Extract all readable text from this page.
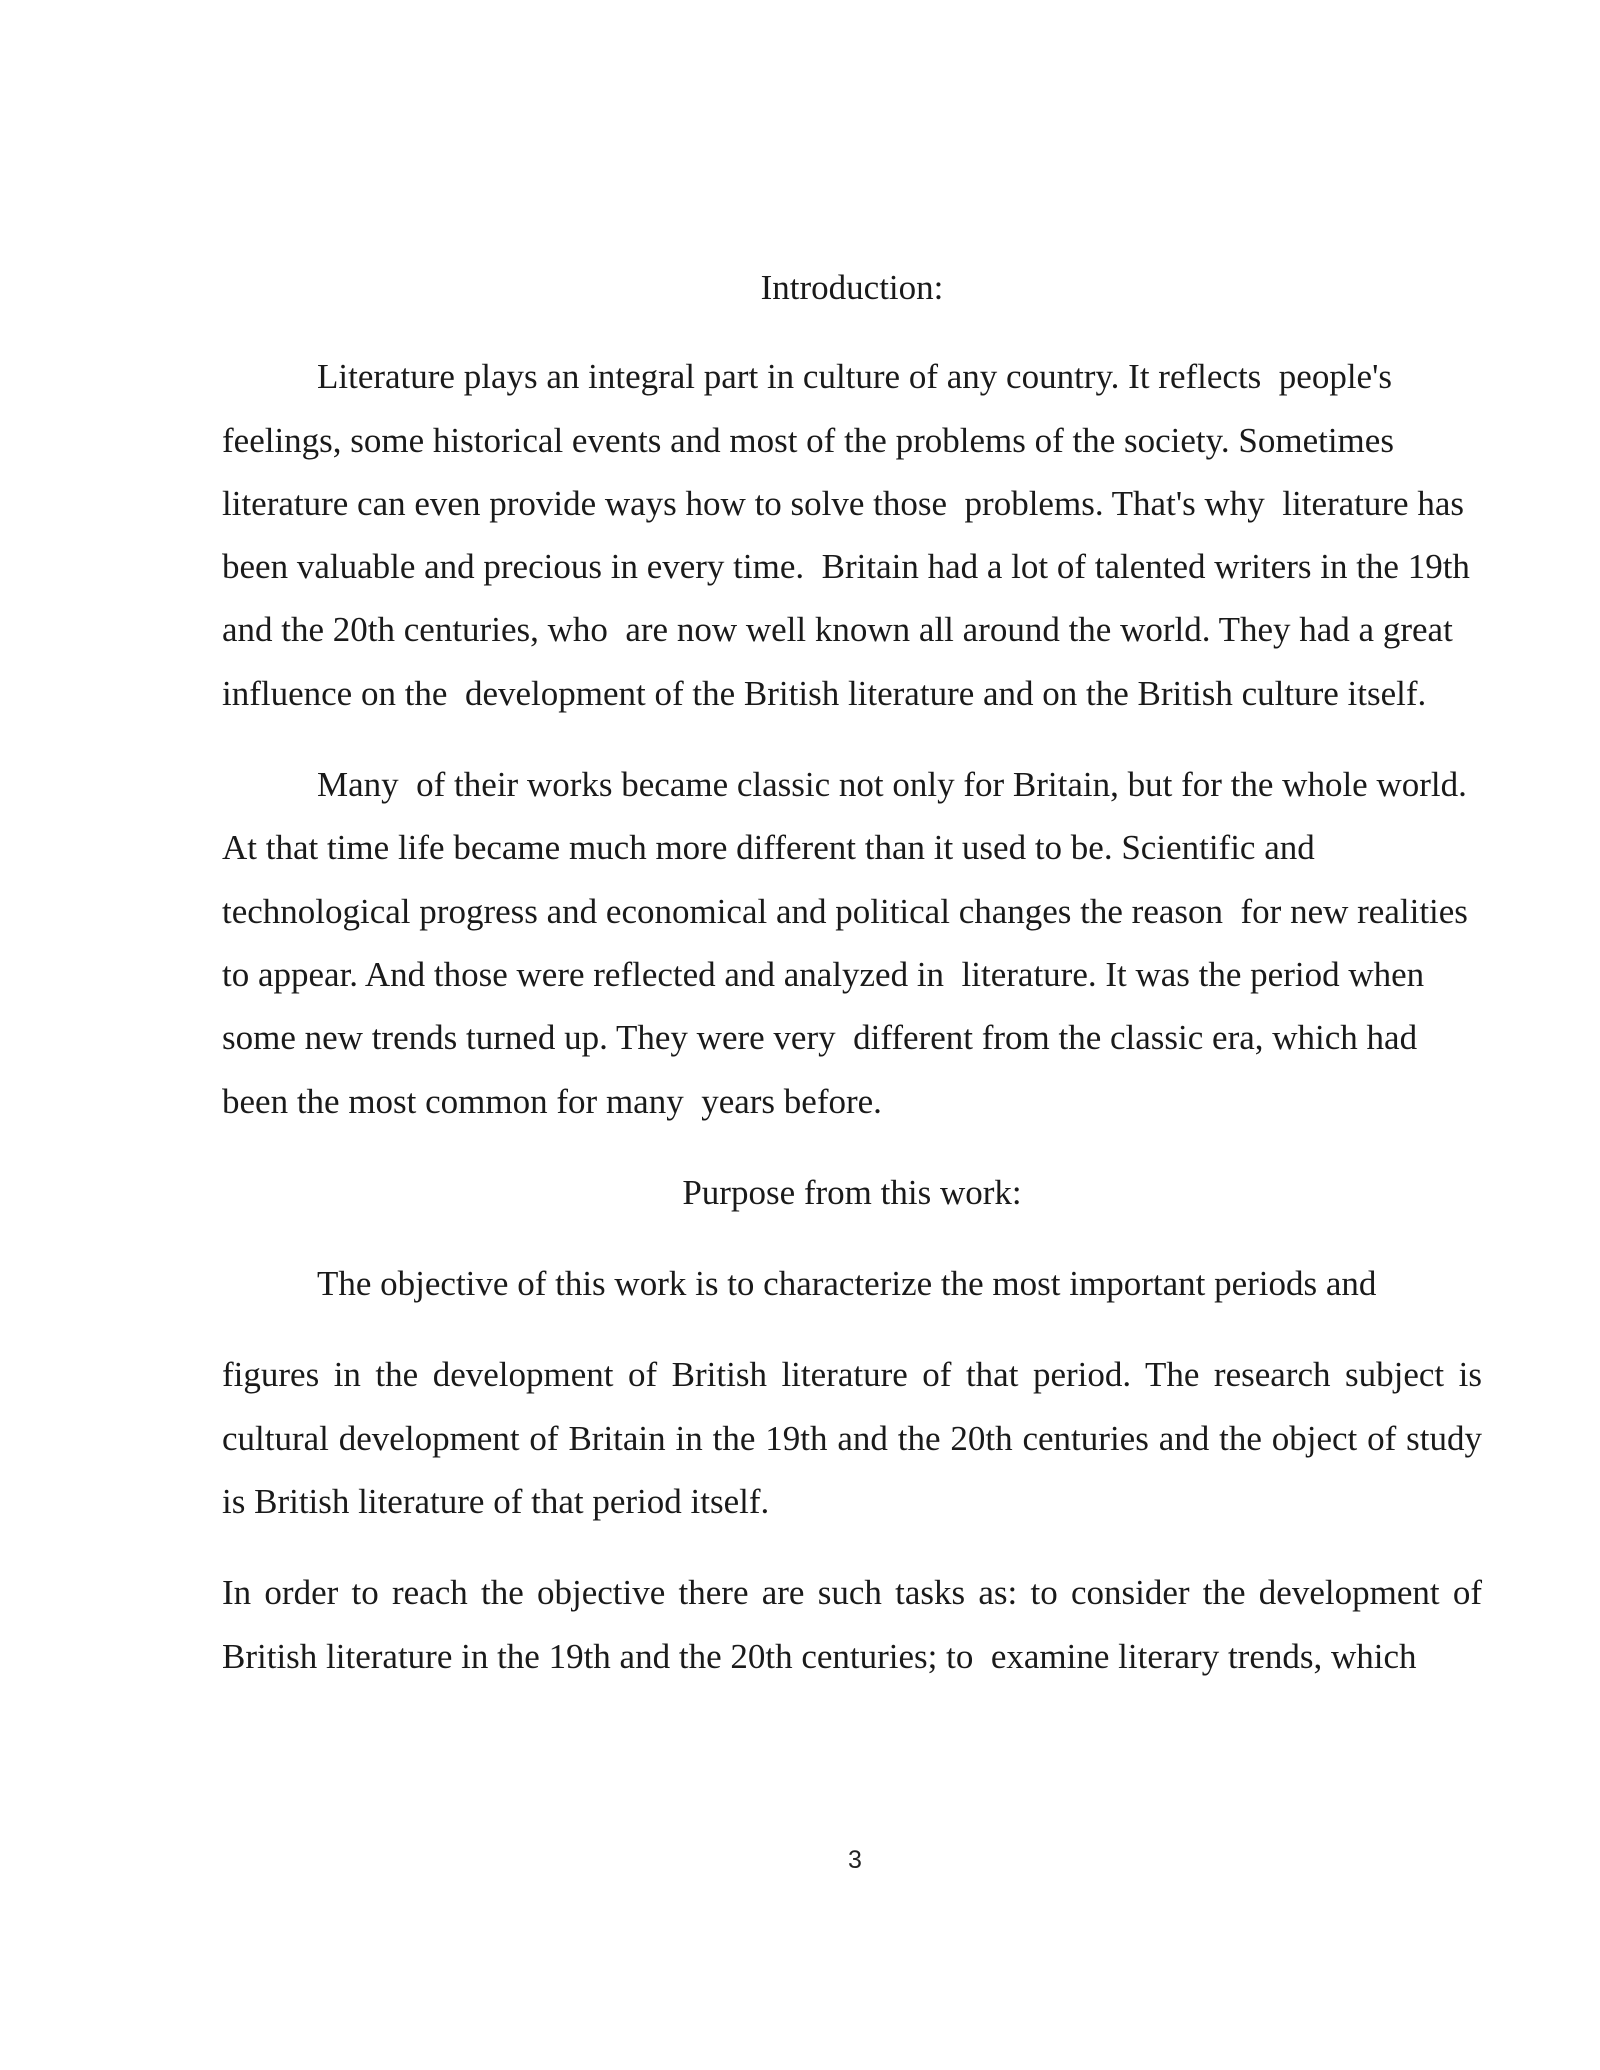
Introduction:

Literature plays an integral part in culture of any country. It reflects  people's feelings, some historical events and most of the problems of the society. Sometimes literature can even provide ways how to solve those  problems. That's why  literature has been valuable and precious in every time.  Britain had a lot of talented writers in the 19th and the 20th centuries, who  are now well known all around the world. They had a great influence on the  development of the British literature and on the British culture itself.

Many  of their works became classic not only for Britain, but for the whole world. At that time life became much more different than it used to be. Scientific and technological progress and economical and political changes the reason  for new realities to appear. And those were reflected and analyzed in  literature. It was the period when some new trends turned up. They were very  different from the classic era, which had been the most common for many  years before.

Purpose from this work:

The objective of this work is to characterize the most important periods and

figures in the development of British literature of that period. The research subject is cultural development of Britain in the 19th and the 20th centuries and the object of study is British literature of that period itself.

In order to reach the objective there are such tasks as: to consider the development of British literature in the 19th and the 20th centuries; to  examine literary trends, which

3
